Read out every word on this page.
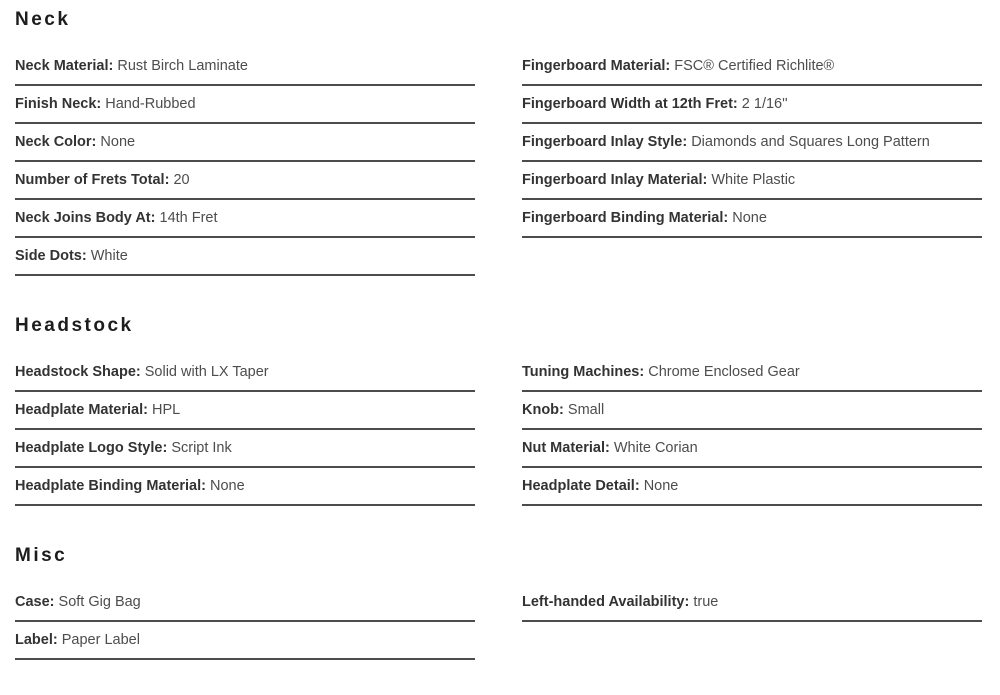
Neck
Neck Material: Rust Birch Laminate
Finish Neck: Hand-Rubbed
Neck Color: None
Number of Frets Total: 20
Neck Joins Body At: 14th Fret
Side Dots: White
Fingerboard Material: FSC® Certified Richlite®
Fingerboard Width at 12th Fret: 2 1/16''
Fingerboard Inlay Style: Diamonds and Squares Long Pattern
Fingerboard Inlay Material: White Plastic
Fingerboard Binding Material: None
Headstock
Headstock Shape: Solid with LX Taper
Headplate Material: HPL
Headplate Logo Style: Script Ink
Headplate Binding Material: None
Tuning Machines: Chrome Enclosed Gear
Knob: Small
Nut Material: White Corian
Headplate Detail: None
Misc
Case: Soft Gig Bag
Label: Paper Label
Left-handed Availability: true
